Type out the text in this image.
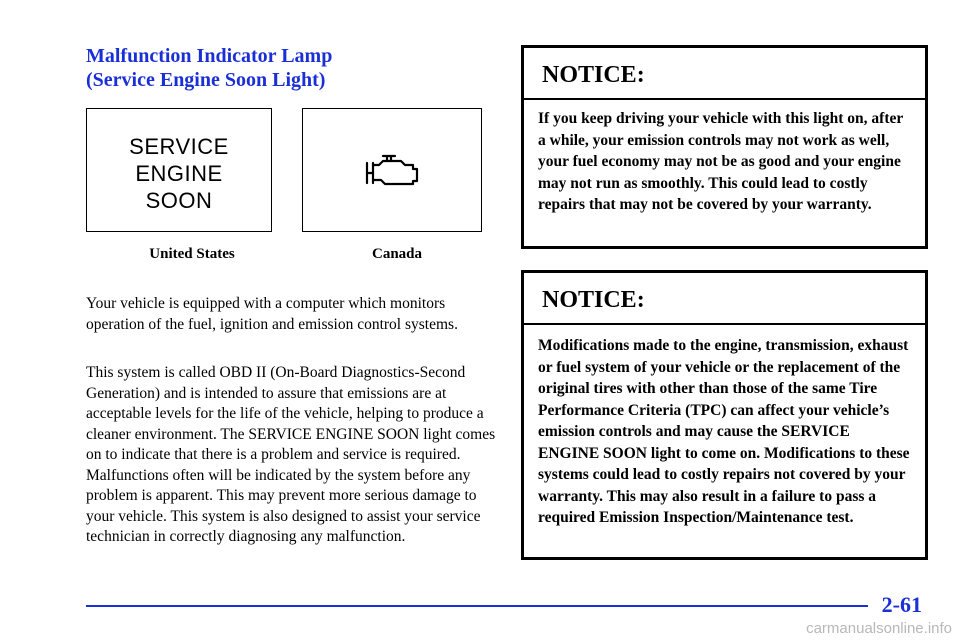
Malfunction Indicator Lamp
(Service Engine Soon Light)
SERVICE
ENGINE
SOON
United States	Canada

Your vehicle is equipped with a computer which monitors operation of the fuel, ignition and emission control systems.

This system is called OBD II (On-Board Diagnostics-Second Generation) and is intended to assure that emissions are at acceptable levels for the life of the vehicle, helping to produce a cleaner environment. The SERVICE ENGINE SOON light comes on to indicate that there is a problem and service is required. Malfunctions often will be indicated by the system before any problem is apparent. This may prevent more serious damage to your vehicle. This system is also designed to assist your service technician in correctly diagnosing any malfunction.

NOTICE:
If you keep driving your vehicle with this light on, after a while, your emission controls may not work as well, your fuel economy may not be as good and your engine may not run as smoothly. This could lead to costly repairs that may not be covered by your warranty.
NOTICE:
Modifications made to the engine, transmission, exhaust or fuel system of your vehicle or the replacement of the original tires with other than those of the same Tire Performance Criteria (TPC) can affect your vehicle’s emission controls and may cause the SERVICE ENGINE SOON light to come on. Modifications to these systems could lead to costly repairs not covered by your warranty. This may also result in a failure to pass a required Emission Inspection/Maintenance test.
2-61
carmanualsonline.info
